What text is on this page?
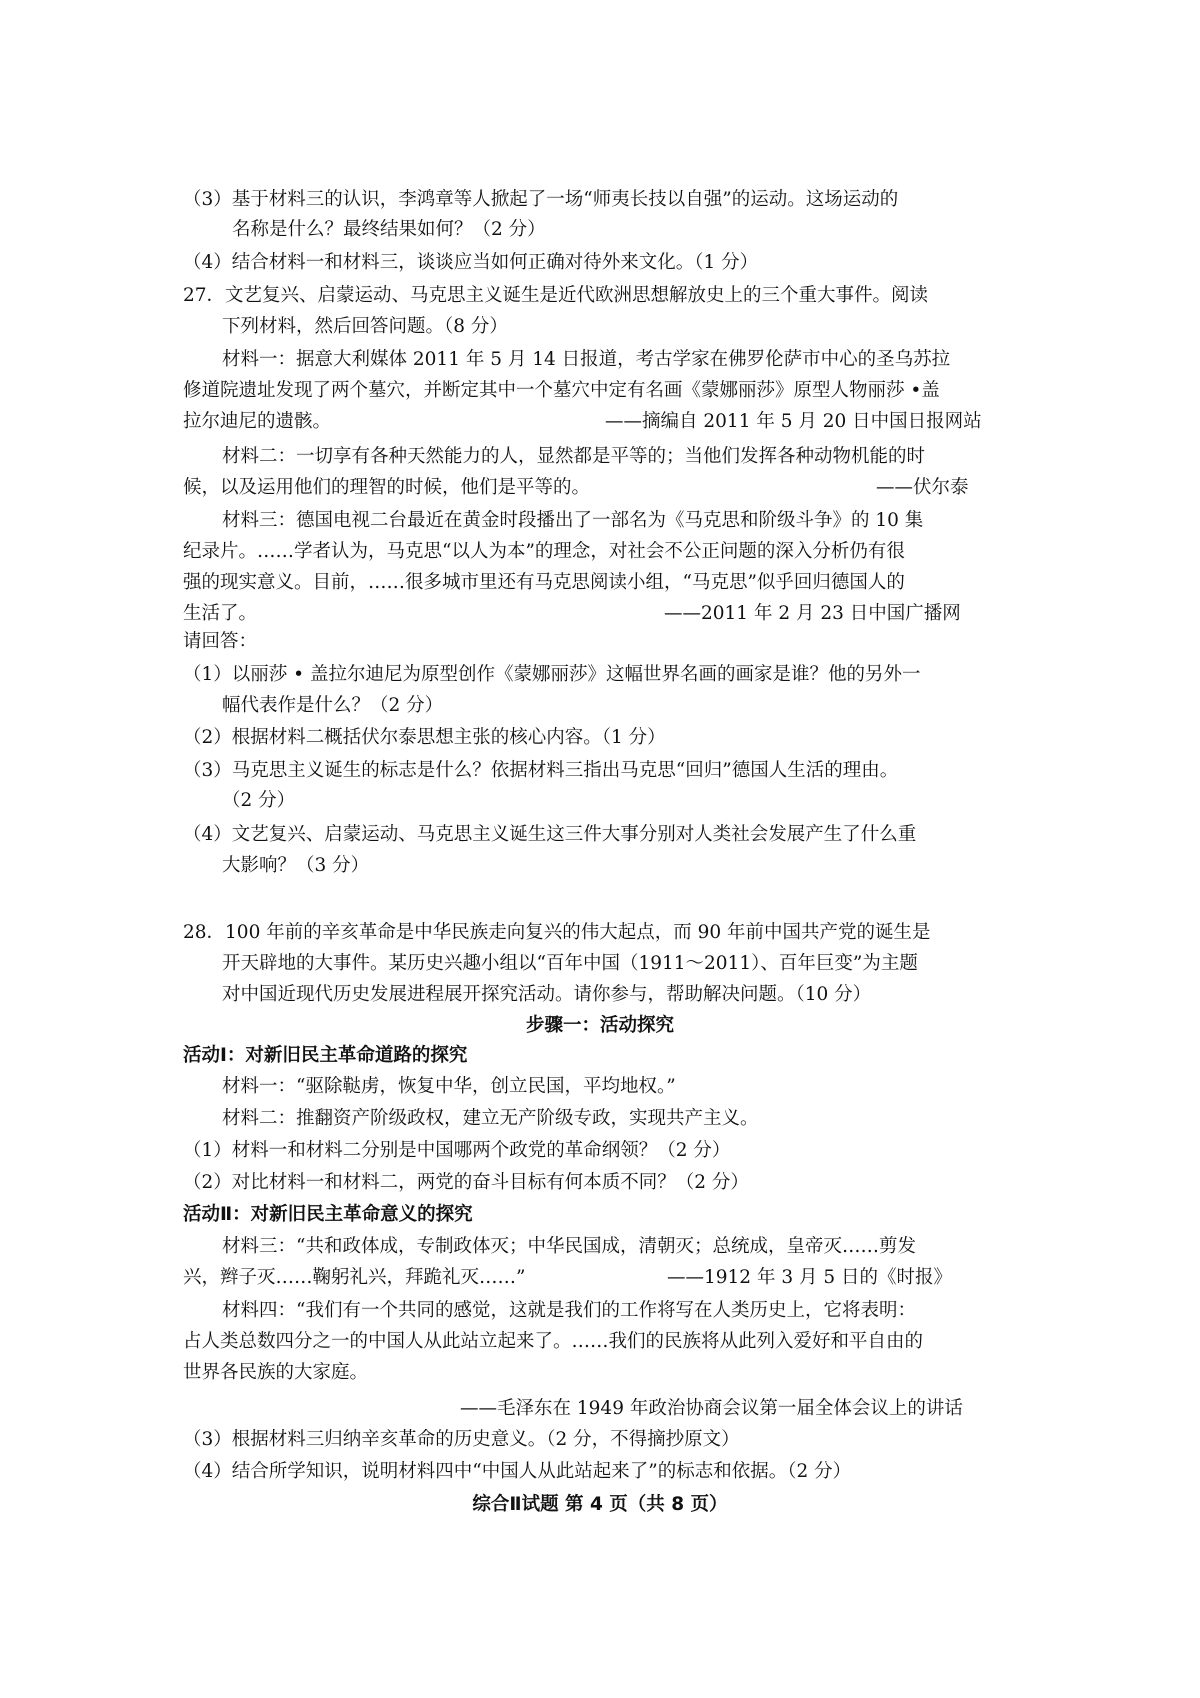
（3）基于材料三的认识，李鸿章等人掀起了一场“师夷长技以自强”的运动。这场运动的
名称是什么？最终结果如何？（2 分）
（4）结合材料一和材料三，谈谈应当如何正确对待外来文化。（1 分）
27．文艺复兴、启蒙运动、马克思主义诞生是近代欧洲思想解放史上的三个重大事件。阅读
下列材料，然后回答问题。（8 分）
材料一：据意大利媒体 2011 年 5 月 14 日报道，考古学家在佛罗伦萨市中心的圣乌苏拉
修道院遗址发现了两个墓穴，并断定其中一个墓穴中定有名画《蒙娜丽莎》原型人物丽莎 •盖
拉尔迪尼的遗骸。	——摘编自 2011 年 5 月 20 日中国日报网站
材料二：一切享有各种天然能力的人，显然都是平等的；当他们发挥各种动物机能的时
候，以及运用他们的理智的时候，他们是平等的。	——伏尔泰
材料三：德国电视二台最近在黄金时段播出了一部名为《马克思和阶级斗争》的 10 集
纪录片。……学者认为，马克思“以人为本”的理念，对社会不公正问题的深入分析仍有很
强的现实意义。目前，……很多城市里还有马克思阅读小组，“马克思”似乎回归德国人的
生活了。	——2011 年 2 月 23 日中国广播网
请回答：
（1）以丽莎 • 盖拉尔迪尼为原型创作《蒙娜丽莎》这幅世界名画的画家是谁？他的另外一
幅代表作是什么？（2 分）
（2）根据材料二概括伏尔泰思想主张的核心内容。（1 分）
（3）马克思主义诞生的标志是什么？依据材料三指出马克思“回归”德国人生活的理由。
（2 分）
（4）文艺复兴、启蒙运动、马克思主义诞生这三件大事分别对人类社会发展产生了什么重
大影响？（3 分）
28．100 年前的辛亥革命是中华民族走向复兴的伟大起点，而 90 年前中国共产党的诞生是
开天辟地的大事件。某历史兴趣小组以“百年中国（1911～2011）、百年巨变”为主题
对中国近现代历史发展进程展开探究活动。请你参与，帮助解决问题。（10 分）
步骤一：活动探究
活动Ⅰ：对新旧民主革命道路的探究
材料一：“驱除鞑虏，恢复中华，创立民国，平均地权。”
材料二：推翻资产阶级政权，建立无产阶级专政，实现共产主义。
（1）材料一和材料二分别是中国哪两个政党的革命纲领？（2 分）
（2）对比材料一和材料二，两党的奋斗目标有何本质不同？（2 分）
活动Ⅱ：对新旧民主革命意义的探究
材料三：“共和政体成，专制政体灭；中华民国成，清朝灭；总统成，皇帝灭……剪发
兴，辫子灭……鞠躬礼兴，拜跪礼灭……”	——1912 年 3 月 5 日的《时报》
材料四：“我们有一个共同的感觉，这就是我们的工作将写在人类历史上，它将表明：
占人类总数四分之一的中国人从此站立起来了。……我们的民族将从此列入爱好和平自由的
世界各民族的大家庭。
——毛泽东在 1949 年政治协商会议第一届全体会议上的讲话
（3）根据材料三归纳辛亥革命的历史意义。（2 分，不得摘抄原文）
（4）结合所学知识，说明材料四中“中国人从此站起来了”的标志和依据。（2 分）
综合Ⅱ试题 第 4 页（共 8 页）
